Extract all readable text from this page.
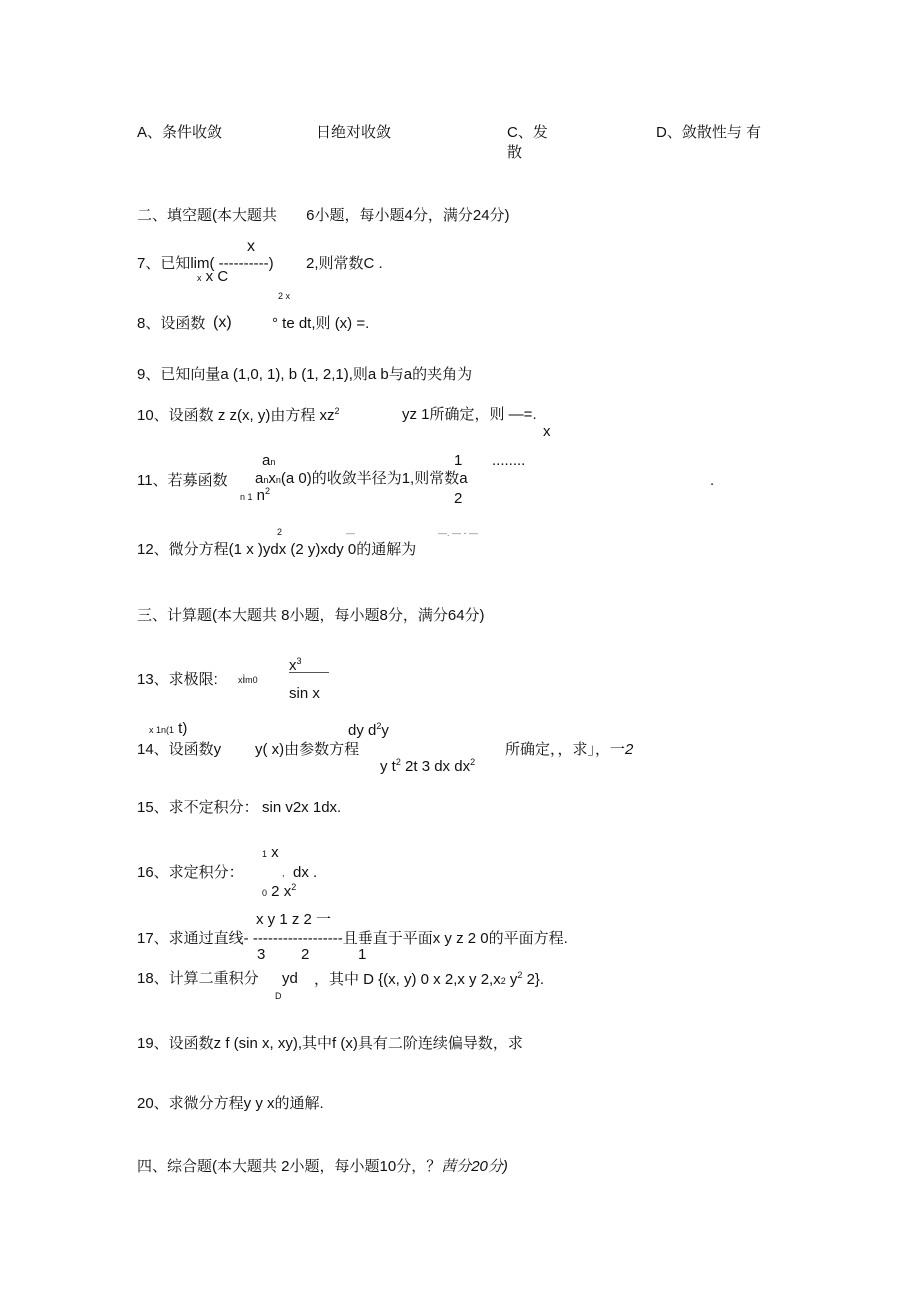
A、条件收敛	日绝对收敛	C、发
散
D、敛散性与 有
二、填空题(本大题共       6小题，每小题4分，满分24分)
x
7、已知lim( ----------) 2,则常数C .
x x C
2 x
8、设函数 (x)	° te dt,则 (x) =.
9、已知向量a (1,0, 1), b (1, 2,1),则a b与a的夹角为
10、设函数 z z(x, y)由方程 $xz^2$	yz 1所确定，则 —=.
x
an	1 ........
11、若募函数 anxn(a 0)的收敛半径为1,则常数a	.
n 1 $n^2$	2
2	—	—. — - —
12、微分方程(1 x )ydx (2 y)xdy 0的通解为
三、计算题(本大题共 8小题，每小题8分，满分64分)
$x^3$
13、求极限: xim0
sin x
x 1n(1 t)	dy $d^2y$
14、设函数y y( x)由参数方程	所确定，，求」，一2
y $t^2$ 2t 3 dx $dx^2$
15、求不定积分： sin v2x 1dx.
1 x
16、求定积分：	, dx .
0 2 $x^2$
x y 1 z 2 一
17、求通过直线- ------------------且垂直于平面x y z 2 0的平面方程.
3 2	1
18、计算二重积分 yd ，其中 D {(x, y) 0 x 2,x y 2,x2 $y^2$ 2}.
D
19、设函数z f (sin x, xy),其中f (x)具有二阶连续偏导数，求
20、求微分方程y y x的通解.
四、综合题(本大题共 2小题，每小题10分，？茜分20分)
